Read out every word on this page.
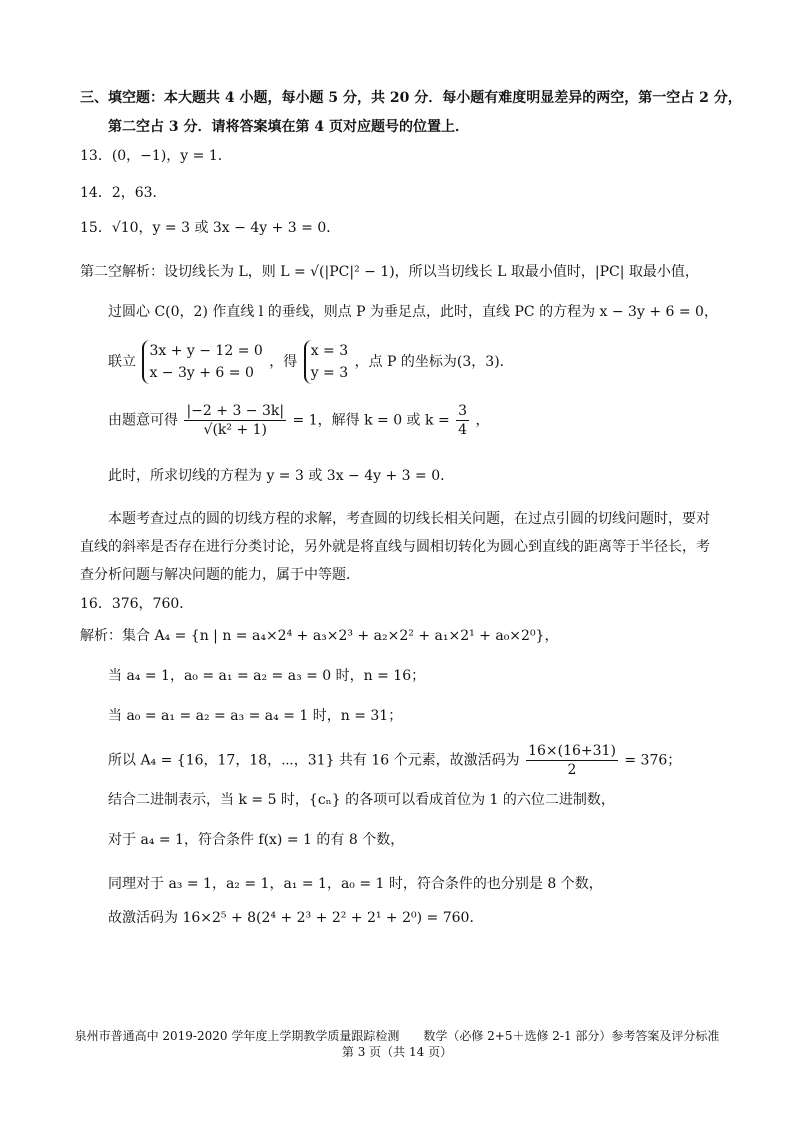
三、填空题：本大题共 4 小题，每小题 5 分，共 20 分．每小题有难度明显差异的两空，第一空占 2 分，
第二空占 3 分．请将答案填在第 4 页对应题号的位置上．
13．(0，−1)，y = 1．
14．2，63．
15．√10，y = 3 或 3x − 4y + 3 = 0．
第二空解析：设切线长为 L，则 L = √(|PC|² − 1)，所以当切线长 L 取最小值时，|PC| 取最小值，
过圆心 C(0，2) 作直线 l 的垂线，则点 P 为垂足点，此时，直线 PC 的方程为 x − 3y + 6 = 0，
联立
3x + y − 12 = 0
x − 3y + 6 = 0
，得
x = 3
y = 3
，点 P 的坐标为(3，3)．
由题意可得 $\frac{|-2 + 3 - 3k|}{\text{√(k² + 1)}} = 1$，解得 k = 0 或 $k = \frac{3}{4}$ ，
此时，所求切线的方程为 y = 3 或 3x − 4y + 3 = 0．
本题考查过点的圆的切线方程的求解，考查圆的切线长相关问题，在过点引圆的切线问题时，要对直线的斜率是否存在进行分类讨论，另外就是将直线与圆相切转化为圆心到直线的距离等于半径长，考查分析问题与解决问题的能力，属于中等题．
16．376，760．
解析：集合 A₄ = {n | n = a₄×2⁴ + a₃×2³ + a₂×2² + a₁×2¹ + a₀×2⁰}，
当 a₄ = 1，a₀ = a₁ = a₂ = a₃ = 0 时，n = 16；
当 a₀ = a₁ = a₂ = a₃ = a₄ = 1 时，n = 31；
所以 A₄ = {16，17，18，⋯，31} 共有 16 个元素，故激活码为 $\frac{16\times(16+31)}{2} = 376$；
结合二进制表示，当 k = 5 时，{cₙ} 的各项可以看成首位为 1 的六位二进制数，
对于 a₄ = 1，符合条件 f(x) = 1 的有 8 个数，
同理对于 a₃ = 1，a₂ = 1，a₁ = 1，a₀ = 1 时，符合条件的也分别是 8 个数，
故激活码为 16×2⁵ + 8(2⁴ + 2³ + 2² + 2¹ + 2⁰) = 760．
泉州市普通高中 2019-2020 学年度上学期教学质量跟踪检测　　数学（必修 2+5＋选修 2-1 部分）参考答案及评分标准
第 3 页（共 14 页）
